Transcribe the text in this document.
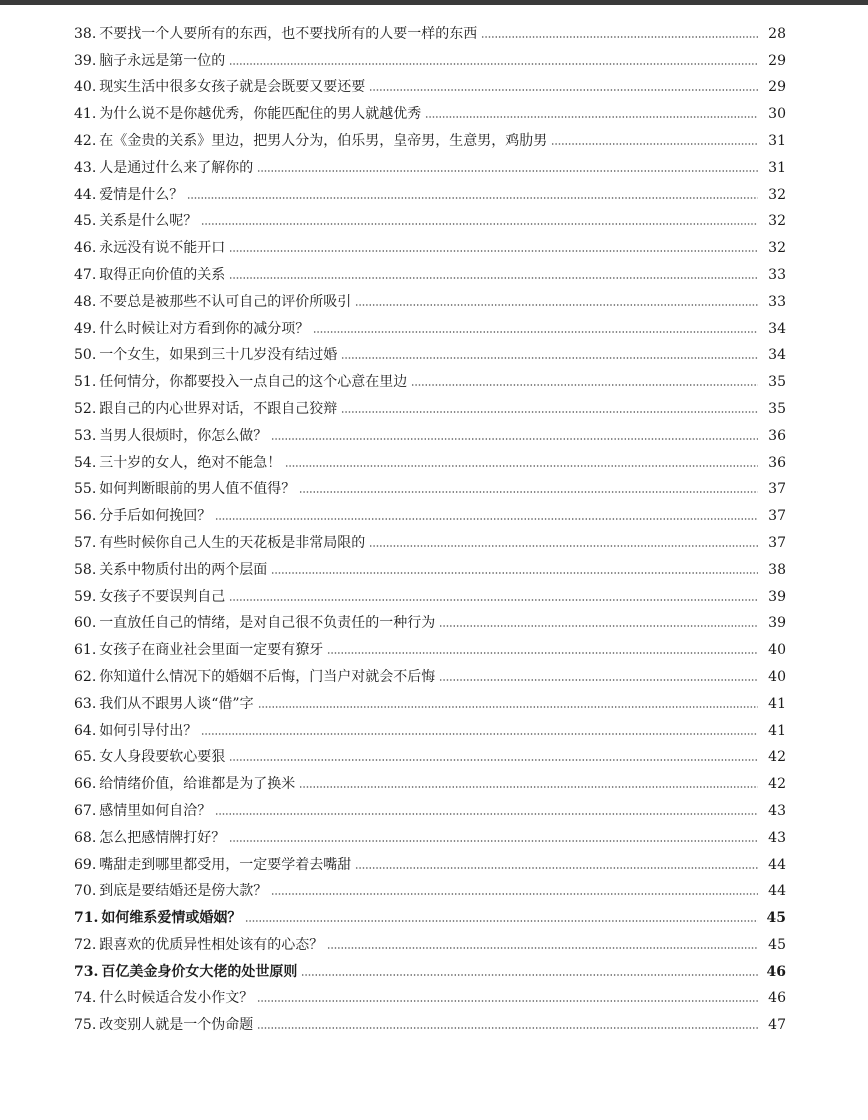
38. 不要找一个人要所有的东西，也不要找所有的人要一样的东西	28
39. 脑子永远是第一位的	29
40. 现实生活中很多女孩子就是会既要又要还要	29
41. 为什么说不是你越优秀，你能匹配住的男人就越优秀	30
42. 在《金贵的关系》里边，把男人分为，伯乐男，皇帝男，生意男，鸡肋男	31
43. 人是通过什么来了解你的	31
44. 爱情是什么？	32
45. 关系是什么呢？	32
46. 永远没有说不能开口	32
47. 取得正向价值的关系	33
48. 不要总是被那些不认可自己的评价所吸引	33
49. 什么时候让对方看到你的减分项？	34
50. 一个女生，如果到三十几岁没有结过婚	34
51. 任何情分，你都要投入一点自己的这个心意在里边	35
52. 跟自己的内心世界对话，不跟自己狡辩	35
53. 当男人很烦时，你怎么做？	36
54. 三十岁的女人，绝对不能急！	36
55. 如何判断眼前的男人值不值得？	37
56. 分手后如何挽回？	37
57. 有些时候你自己人生的天花板是非常局限的	37
58. 关系中物质付出的两个层面	38
59. 女孩子不要误判自己	39
60. 一直放任自己的情绪，是对自己很不负责任的一种行为	39
61. 女孩子在商业社会里面一定要有獠牙	40
62. 你知道什么情况下的婚姻不后悔，门当户对就会不后悔	40
63. 我们从不跟男人谈“借”字	41
64. 如何引导付出？	41
65. 女人身段要软心要狠	42
66. 给情绪价值，给谁都是为了换米	42
67. 感情里如何自洽？	43
68. 怎么把感情牌打好？	43
69. 嘴甜走到哪里都受用，一定要学着去嘴甜	44
70. 到底是要结婚还是傍大款？	44
71. 如何维系爱情或婚姻？	45
72. 跟喜欢的优质异性相处该有的心态？	45
73. 百亿美金身价女大佬的处世原则	46
74. 什么时候适合发小作文？	46
75. 改变别人就是一个伪命题	47
